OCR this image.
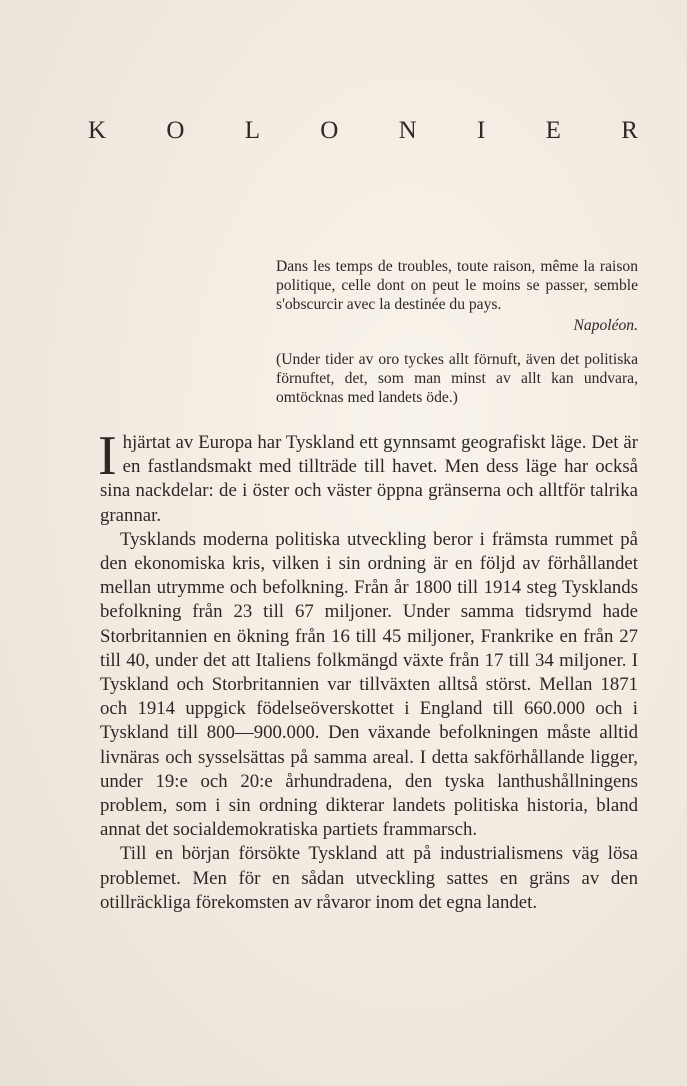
K O L O N I E R

Dans les temps de troubles, toute raison, même la raison politique, celle dont on peut le moins se passer, semble s'obscurcir avec la destinée du pays.

Napoléon.

(Under tider av oro tyckes allt förnuft, även det politiska förnuftet, det, som man minst av allt kan undvara, omtöcknas med landets öde.)

I hjärtat av Europa har Tyskland ett gynnsamt geografiskt läge. Det är en fastlandsmakt med tillträde till havet. Men dess läge har också sina nackdelar: de i öster och väster öppna gränserna och alltför talrika grannar.

Tysklands moderna politiska utveckling beror i främsta rummet på den ekonomiska kris, vilken i sin ordning är en följd av förhållandet mellan utrymme och befolkning. Från år 1800 till 1914 steg Tysklands befolkning från 23 till 67 miljoner. Under samma tidsrymd hade Storbritannien en ökning från 16 till 45 miljoner, Frankrike en från 27 till 40, under det att Italiens folkmängd växte från 17 till 34 miljoner. I Tyskland och Storbritannien var tillväxten alltså störst. Mellan 1871 och 1914 uppgick födelseöverskottet i England till 660.000 och i Tyskland till 800—900.000. Den växande befolkningen måste alltid livnäras och sysselsättas på samma areal. I detta sakförhållande ligger, under 19:e och 20:e århundradena, den tyska lanthushållningens problem, som i sin ordning dikterar landets politiska historia, bland annat det socialdemokratiska partiets frammarsch.

Till en början försökte Tyskland att på industrialismens väg lösa problemet. Men för en sådan utveckling sattes en gräns av den otillräckliga förekomsten av råvaror inom det egna landet.
